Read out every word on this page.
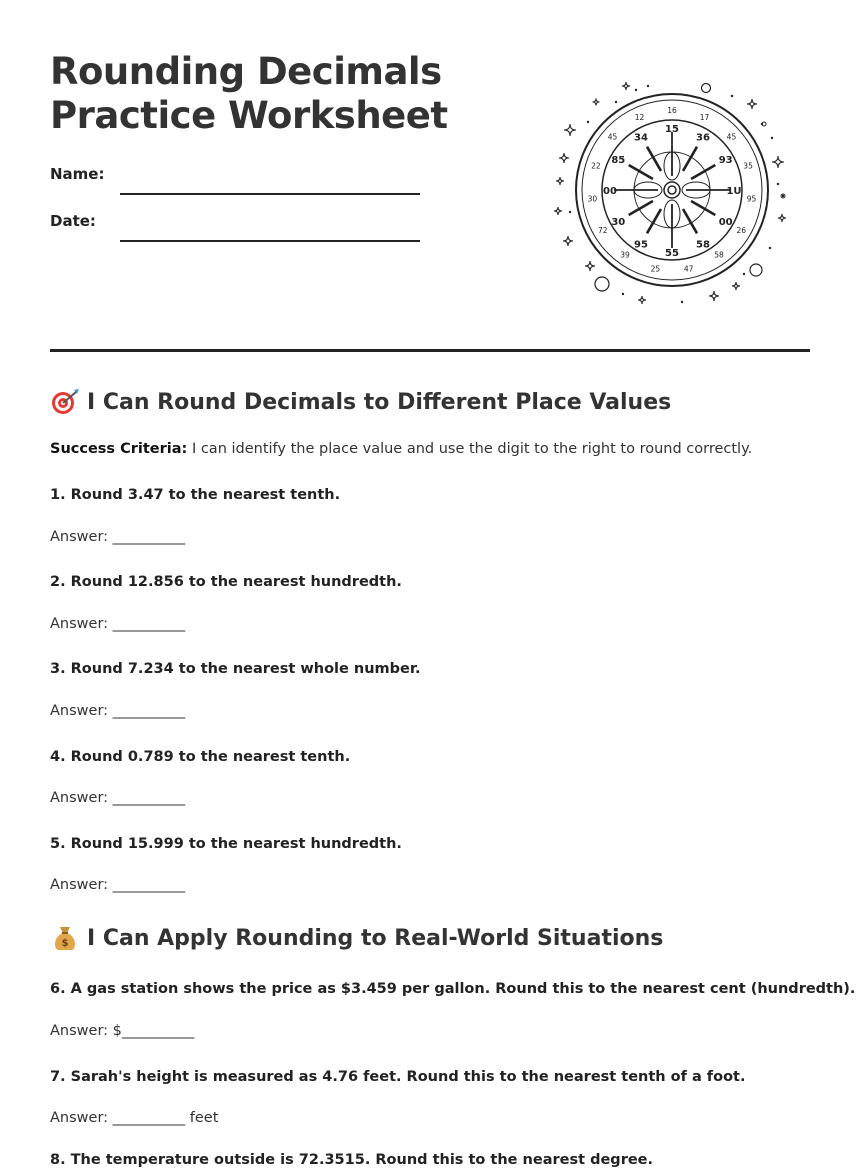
Rounding Decimals
Practice Worksheet
Name:
Date:
16
17
45
35
95
26
58
47
25
39
72
30
22
45
12
15
36
93
1U
00
58
55
95
30
00
85
34
I Can Round Decimals to Different Place Values

Success Criteria: I can identify the place value and use the digit to the right to round correctly.

1. Round 3.47 to the nearest tenth.
Answer: __________
2. Round 12.856 to the nearest hundredth.
Answer: __________
3. Round 7.234 to the nearest whole number.
Answer: __________
4. Round 0.789 to the nearest tenth.
Answer: __________
5. Round 15.999 to the nearest hundredth.
Answer: __________
$ I Can Apply Rounding to Real-World Situations
6. A gas station shows the price as $3.459 per gallon. Round this to the nearest cent (hundredth).
Answer: $__________
7. Sarah's height is measured as 4.76 feet. Round this to the nearest tenth of a foot.
Answer: __________ feet
8. The temperature outside is 72.3515. Round this to the nearest degree.
